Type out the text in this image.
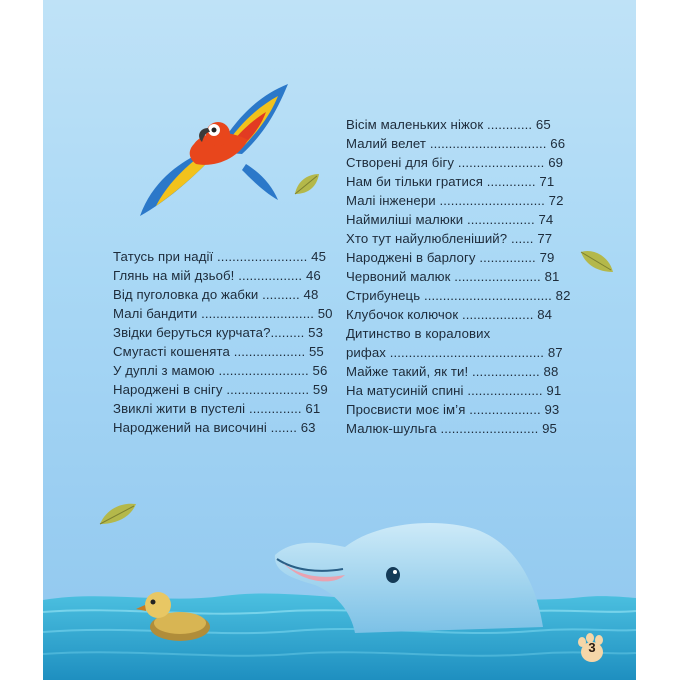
Татусь при надії ........................ 45
Глянь на мій дзьоб! ................. 46
Від пуголовка до жабки .......... 48
Малі бандити .............................. 50
Звідки беруться курчата?......... 53
Смугасті кошенята ................... 55
У дуплі з мамою ........................ 56
Народжені в снігу ...................... 59
Звиклі жити в пустелі .............. 61
Народжений на височині ....... 63
Вісім маленьких ніжок ............ 65
Малий велет ............................... 66
Створені для бігу ....................... 69
Нам би тільки гратися ............. 71
Малі інженери ............................ 72
Наймиліші малюки .................. 74
Хто тут найулюбленіший? ...... 77
Народжені в барлогу ............... 79
Червоний малюк ....................... 81
Стрибунець .................................. 82
Клубочок колючок ................... 84
Дитинство в коралових
рифах ......................................... 87
Майже такий, як ти! .................. 88
На матусиній спині .................... 91
Просвисти моє ім’я ................... 93
Малюк-шульга .......................... 95
3
